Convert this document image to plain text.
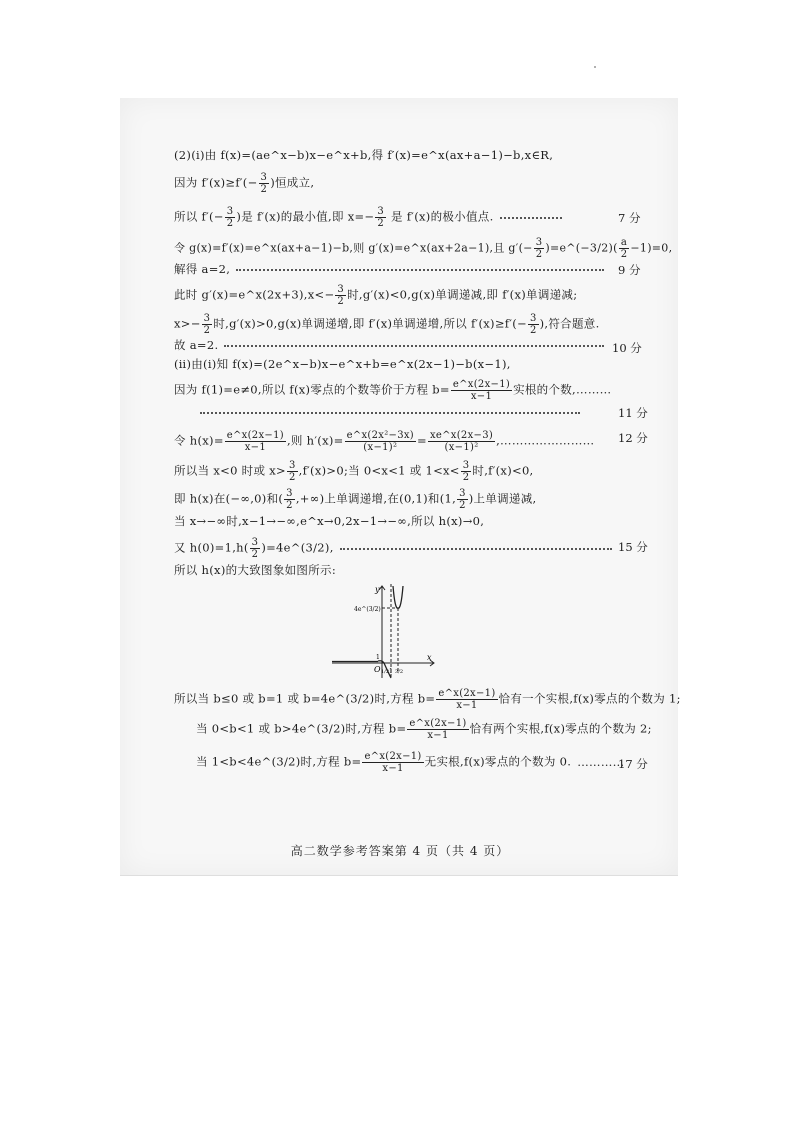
(2)(ⅰ)由 f(x)=(ae^x−b)x−e^x+b,得 f′(x)=e^x(ax+a−1)−b,x∈R,
因为 $f'(x)\ge f'(- \frac{3}{2}$ )恒成立,
所以 $f'(- \frac{3}{2}$ )是 f′(x)的最小值,即 $x=- \frac{3}{2}$ 是 f′(x)的极小值点.	7 分
令 g(x)=f′(x)=e^x(ax+a−1)−b,则 g′(x)=e^x(ax+2a−1),且 $g'(- \frac{3}{2}$ )=e^(−3/2)( $\frac{a}{2} -1)=0$,
解得 a=2,	9 分
此时 g′(x)=e^x(2x+3),x<− $\frac{3}{2}$ 时,g′(x)<0,g(x)单调递减,即 f′(x)单调递减;
$x>- \frac{3}{2}$ 时,g′(x)>0,g(x)单调递增,即 f′(x)单调递增,所以 $f'(x)\ge f'(- \frac{3}{2}$ ),符合题意.
故 a=2.	10 分
(ⅱ)由(ⅰ)知 f(x)=(2e^x−b)x−e^x+b=e^x(2x−1)−b(x−1),
因为 f(1)=e≠0,所以 f(x)零点的个数等价于方程 $b= \frac{e\^{}x(2x-1)}{x-1}$ 实根的个数,………
11 分
令 $h(x)= \frac{e\^{}x(2x-1)}{x-1}$ ,则 $h'(x)= \frac{\text{e\textasciicircum{}x(2x²−3x)}}{\text{(x−1)²}} = \frac{xe\^{}x(2x-3)}{\text{(x−1)²}}$ ,…………………… 12 分
所以当 x<0 时或 $x> \frac{3}{2} ,f'(x)>0$;当 0<x<1 或 $1<x< \frac{3}{2}$ 时,f′(x)<0,
即 h(x)在(−∞,0)和( $\frac{3}{2}$ ,+∞)上单调递增,在(0,1)和(1, $\frac{3}{2}$ )上单调递减,
当 x→−∞时,x−1→−∞,e^x→0,2x−1→−∞,所以 h(x)→0,
又 $h(0)=1,h( \frac{3}{2}$ )=4e^(3/2),	15 分
所以 h(x)的大致图象如图所示:
y
x
O
1
4e^(3/2)
1/2 1 3/2
所以当 b≤0 或 b=1 或 b=4e^(3/2)时,方程 $b= \frac{e\^{}x(2x-1)}{x-1}$ 恰有一个实根,f(x)零点的个数为 1;
当 0<b<1 或 b>4e^(3/2)时,方程 $b= \frac{e\^{}x(2x-1)}{x-1}$ 恰有两个实根,f(x)零点的个数为 2;
当 1<b<4e^(3/2)时,方程 $b= \frac{e\^{}x(2x-1)}{x-1}$ 无实根,f(x)零点的个数为 0. …………
17 分
高二数学参考答案第 4 页（共 4 页）
